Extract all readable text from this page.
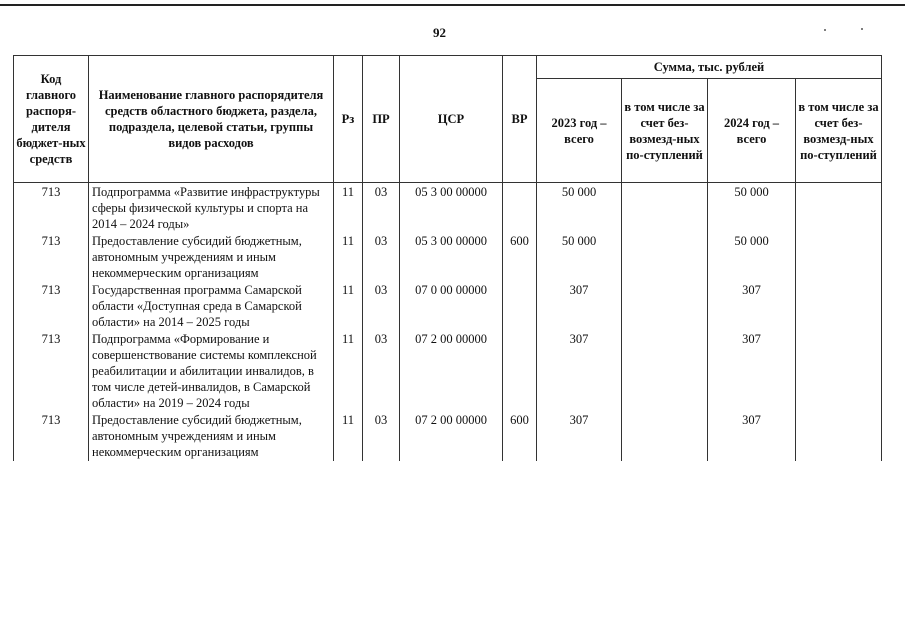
92
Код главного распоря-дителя бюджет-ных средств	Наименование главного распорядителя средств областного бюджета, раздела, подраздела, целевой статьи, группы видов расходов	Рз	ПР	ЦСР	ВР	Сумма, тыс. рублей			
						2023 год – всего	в том числе за счет без-возмезд-ных по-ступлений	2024 год – всего	в том числе за счет без-возмезд-ных по-ступлений
713	Подпрограмма «Развитие инфраструктуры сферы физической культуры и спорта на 2014 – 2024 годы»	11	03	05 3 00 00000		50 000		50 000	
713	Предоставление субсидий бюджетным, автономным учреждениям и иным некоммерческим организациям	11	03	05 3 00 00000	600	50 000		50 000	
713	Государственная программа Самарской области «Доступная среда в Самарской области» на 2014 – 2025 годы	11	03	07 0 00 00000		307		307	
713	Подпрограмма «Формирование и совершенствование системы комплексной реабилитации и абилитации инвалидов, в том числе детей-инвалидов, в Самарской области» на 2019 – 2024 годы	11	03	07 2 00 00000		307		307	
713	Предоставление субсидий бюджетным, автономным учреждениям и иным некоммерческим организациям	11	03	07 2 00 00000	600	307		307	
